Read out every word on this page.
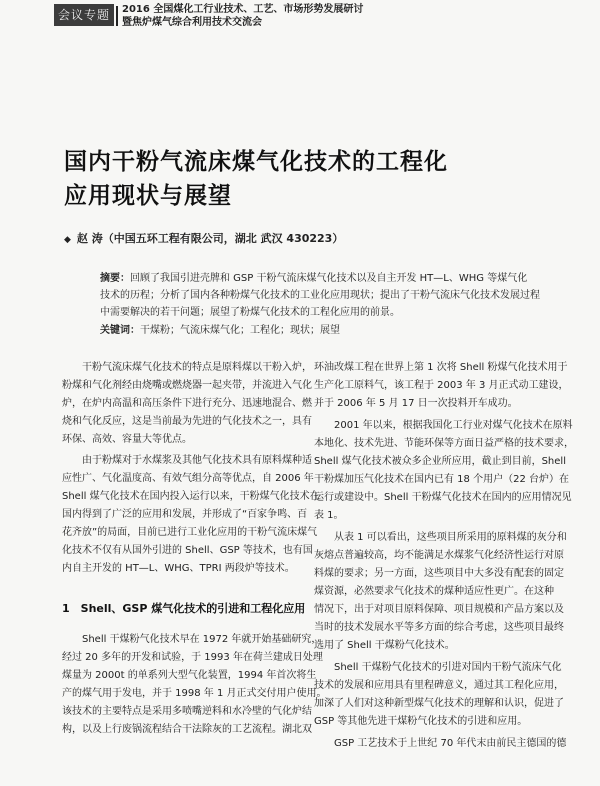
会议专题	2016 全国煤化工行业技术、工艺、市场形势发展研讨
暨焦炉煤气综合利用技术交流会
国内干粉气流床煤气化技术的工程化
应用现状与展望
◆ 赵 涛（中国五环工程有限公司，湖北 武汉 430223）
摘要：回顾了我国引进壳牌和 GSP 干粉气流床煤气化技术以及自主开发 HT—L、WHG 等煤气化
技术的历程；分析了国内各种粉煤气化技术的工业化应用现状；提出了干粉气流床气化技术发展过程
中需要解决的若干问题；展望了粉煤气化技术的工程化应用的前景。
关键词：干煤粉；气流床煤气化；工程化；现状；展望
干粉气流床煤气化技术的特点是原料煤以干粉入炉，
粉煤和气化剂经由烧嘴或燃烧器一起夹带，并流进入气化
炉，在炉内高温和高压条件下进行充分、迅速地混合、燃
烧和气化反应，这是当前最为先进的气化技术之一，具有
环保、高效、容量大等优点。
由于粉煤对于水煤浆及其他气化技术具有原料煤种适
应性广、气化温度高、有效气组分高等优点，自 2006 年
Shell 煤气化技术在国内投入运行以来，干粉煤气化技术在
国内得到了广泛的应用和发展，并形成了“百家争鸣、百
花齐放”的局面，目前已进行工业化应用的干粉气流床煤气
化技术不仅有从国外引进的 Shell、GSP 等技术，也有国
内自主开发的 HT—L、WHG、TPRI 两段炉等技术。
1　Shell、GSP 煤气化技术的引进和工程化应用
Shell 干煤粉气化技术早在 1972 年就开始基础研究，
经过 20 多年的开发和试验，于 1993 年在荷兰建成日处理
煤量为 2000t 的单系列大型气化装置，1994 年首次将生
产的煤气用于发电，并于 1998 年 1 月正式交付用户使用。
该技术的主要特点是采用多喷嘴逆料和水冷壁的气化炉结
构，以及上行废锅流程结合干法除灰的工艺流程。湖北双
环油改煤工程在世界上第 1 次将 Shell 粉煤气化技术用于
生产化工原料气，该工程于 2003 年 3 月正式动工建设，
并于 2006 年 5 月 17 日一次投料开车成功。
2001 年以来，根据我国化工行业对煤气化技术在原料
本地化、技术先进、节能环保等方面日益严格的技术要求，
Shell 煤气化技术被众多企业所应用，截止到目前，Shell
干粉煤加压气化技术在国内已有 18 个用户（22 台炉）在
运行或建设中。Shell 干粉煤气化技术在国内的应用情况见
表 1。
从表 1 可以看出，这些项目所采用的原料煤的灰分和
灰熔点普遍较高，均不能满足水煤浆气化经济性运行对原
料煤的要求；另一方面，这些项目中大多没有配套的固定
煤资源，必然要求气化技术的煤种适应性更广。在这种
情况下，出于对项目原料保障、项目规模和产品方案以及
当时的技术发展水平等多方面的综合考虑，这些项目最终
选用了 Shell 干煤粉气化技术。
Shell 干煤粉气化技术的引进对国内干粉气流床气化
技术的发展和应用具有里程碑意义，通过其工程化应用，
加深了人们对这种新型煤气化技术的理解和认识，促进了
GSP 等其他先进干煤粉气化技术的引进和应用。
GSP 工艺技术于上世纪 70 年代末由前民主德国的德
